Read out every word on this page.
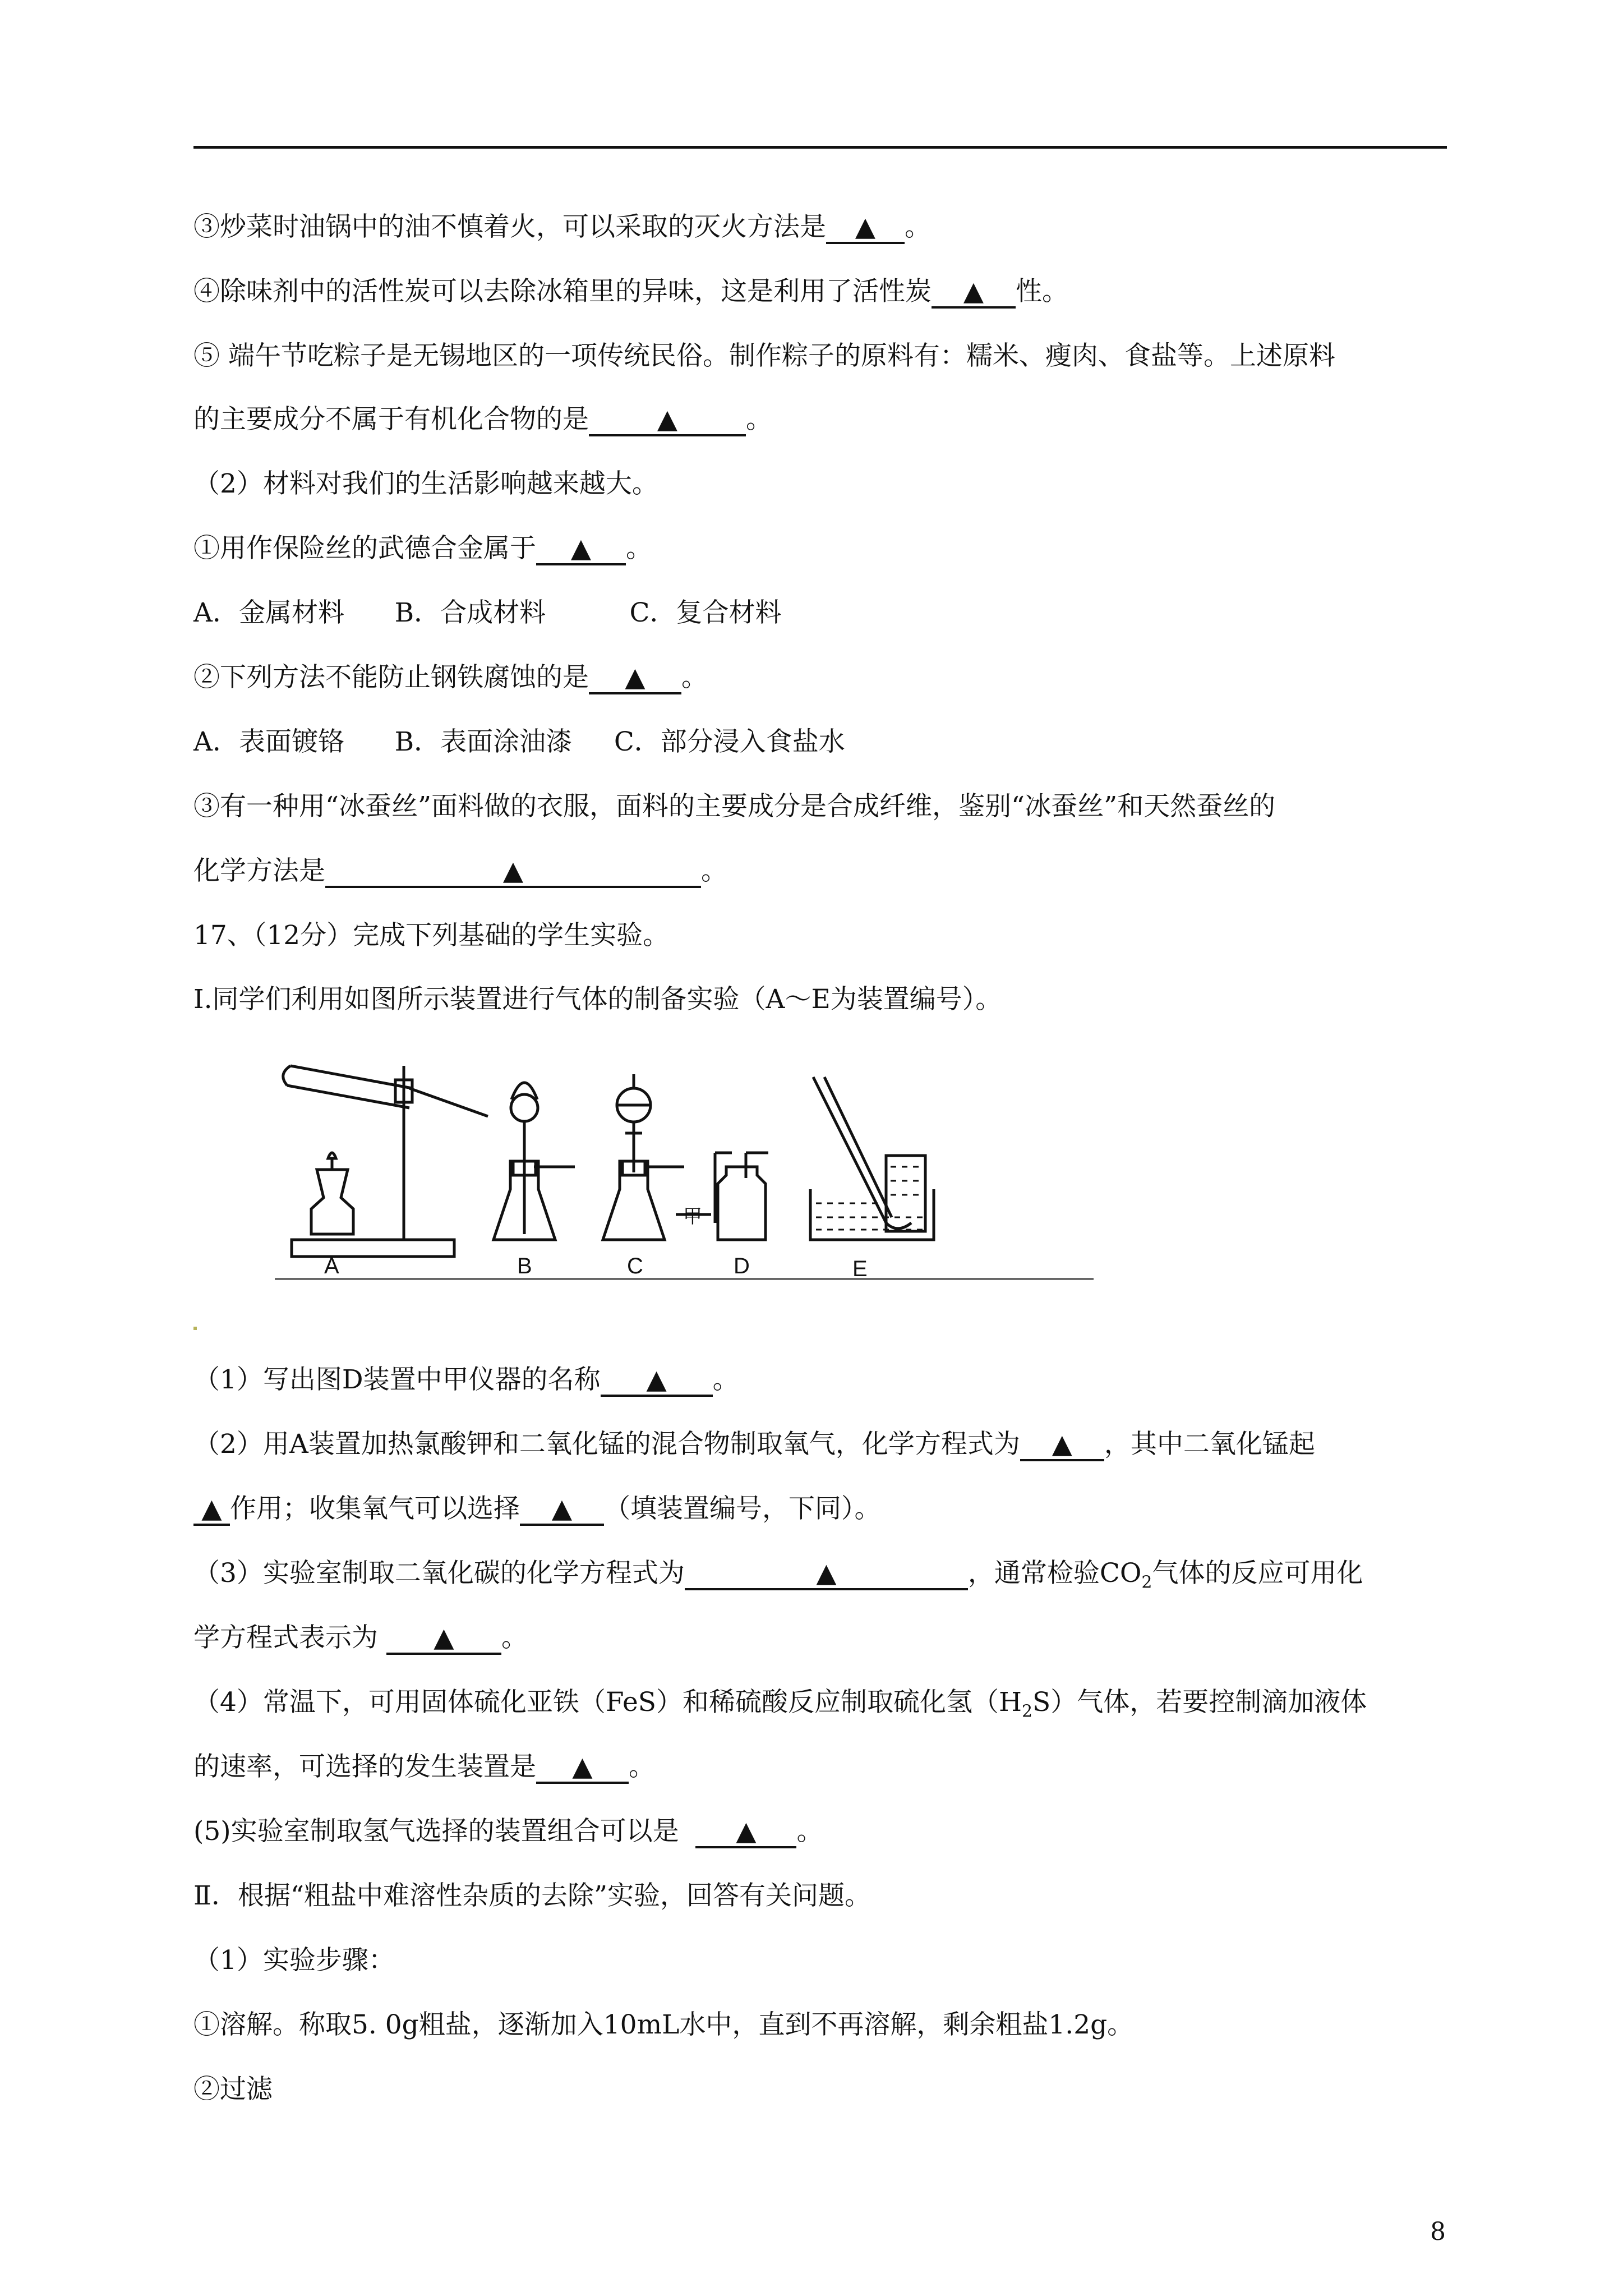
③炒菜时油锅中的油不慎着火，可以采取的灭火方法是 ▲ 。
④除味剂中的活性炭可以去除冰箱里的异味，这是利用了活性炭 ▲ 性。
⑤ 端午节吃粽子是无锡地区的一项传统民俗。制作粽子的原料有：糯米、瘦肉、食盐等。上述原料
的主要成分不属于有机化合物的是	▲	。
（2）材料对我们的生活影响越来越大。
①用作保险丝的武德合金属于 ▲ 。
A．金属材料      B．合成材料          C．复合材料
②下列方法不能防止钢铁腐蚀的是 ▲ 。
A．表面镀铬      B．表面涂油漆     C．部分浸入食盐水
③有一种用“冰蚕丝”面料做的衣服，面料的主要成分是合成纤维，鉴别“冰蚕丝”和天然蚕丝的
化学方法是	▲	。
17、（12分）完成下列基础的学生实验。
I.同学们利用如图所示装置进行气体的制备实验（A～E为装置编号）。
A	B	C	D	E
甲
（1）写出图D装置中甲仪器的名称 ▲ 。
（2）用A装置加热氯酸钾和二氧化锰的混合物制取氧气，化学方程式为 ▲ ，其中二氧化锰起
▲ 作用；收集氧气可以选择 ▲ （填装置编号，下同）。
（3）实验室制取二氧化碳的化学方程式为	▲	，通常检验$CO_2$气体的反应可用化
学方程式表示为 ▲ 。
（4）常温下，可用固体硫化亚铁（FeS）和稀硫酸反应制取硫化氢$(H_2S)$气体，若要控制滴加液体
的速率，可选择的发生装置是 ▲ 。
(5)实验室制取氢气选择的装置组合可以是  ▲ 。
Ⅱ．根据“粗盐中难溶性杂质的去除”实验，回答有关问题。
（1）实验步骤：
①溶解。称取5. 0g粗盐，逐渐加入10mL水中，直到不再溶解，剩余粗盐1.2g。
②过滤
8
